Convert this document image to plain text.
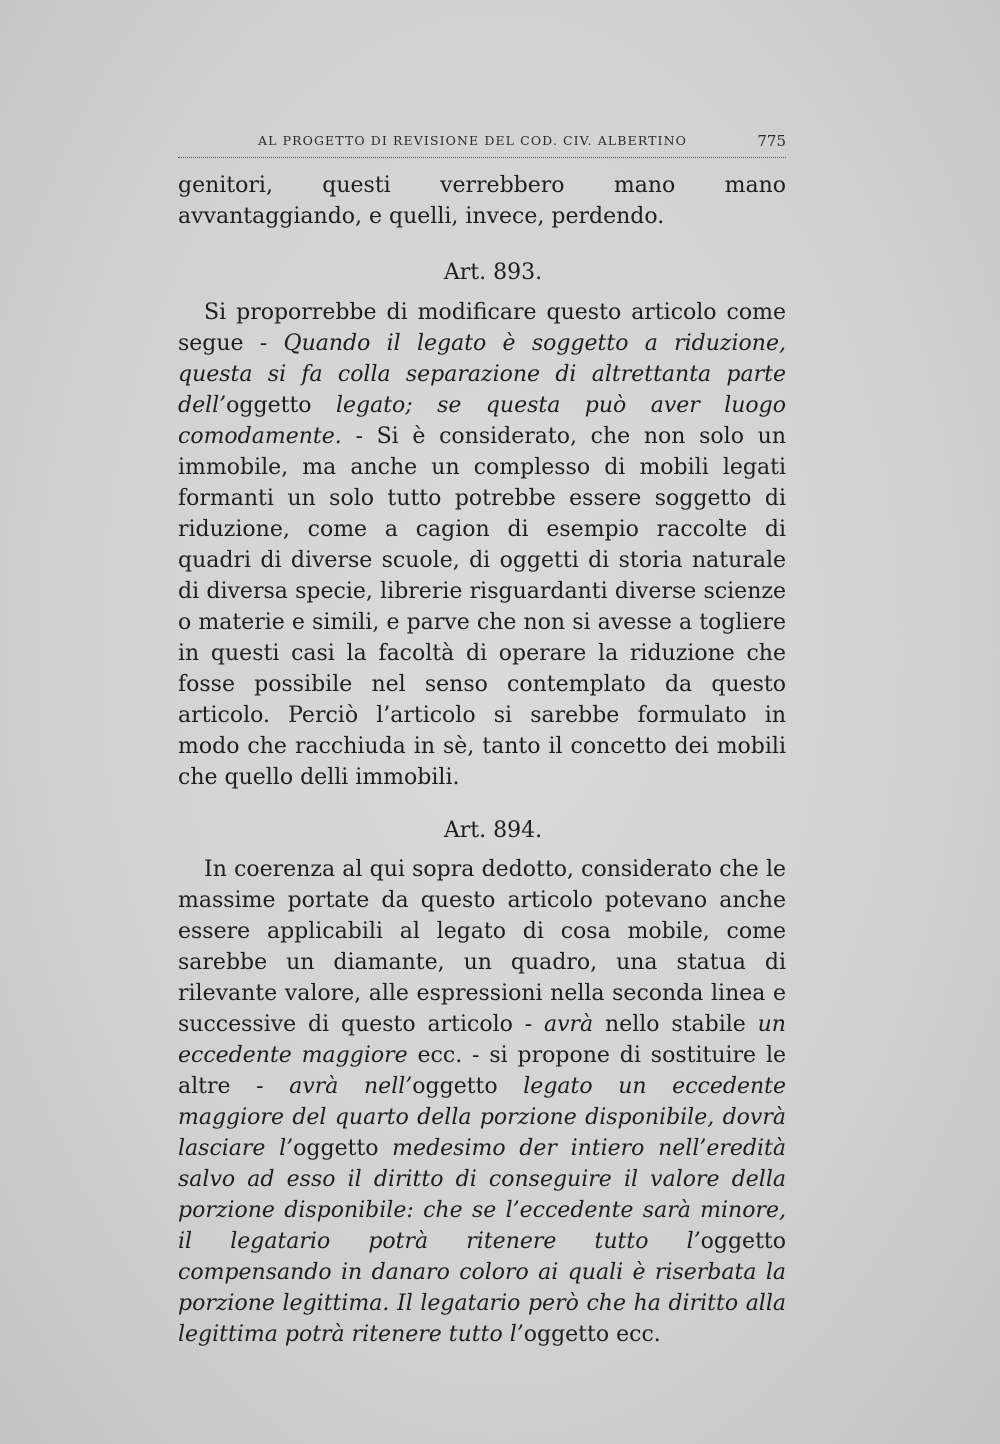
AL PROGETTO DI REVISIONE DEL COD. CIV. ALBERTINO	775

genitori, questi verrebbero mano mano avvantaggiando, e quelli, invece, perdendo.

Art. 893.

Si proporrebbe di modificare questo articolo come segue - Quando il legato è soggetto a riduzione, questa si fa colla separazione di altrettanta parte dell’oggetto legato; se questa può aver luogo comodamente. - Si è considerato, che non solo un immobile, ma anche un complesso di mobili legati formanti un solo tutto potrebbe essere soggetto di riduzione, come a cagion di esempio raccolte di quadri di diverse scuole, di oggetti di storia naturale di diversa specie, librerie risguardanti diverse scienze o materie e simili, e parve che non si avesse a togliere in questi casi la facoltà di operare la riduzione che fosse possibile nel senso contemplato da questo articolo. Perciò l’articolo si sarebbe formulato in modo che racchiuda in sè, tanto il concetto dei mobili che quello delli immobili.

Art. 894.

In coerenza al qui sopra dedotto, considerato che le massime portate da questo articolo potevano anche essere applicabili al legato di cosa mobile, come sarebbe un diamante, un quadro, una statua di rilevante valore, alle espressioni nella seconda linea e successive di questo articolo - avrà nello stabile un eccedente maggiore ecc. - si propone di sostituire le altre - avrà nell’oggetto legato un eccedente maggiore del quarto della porzione disponibile, dovrà lasciare l’oggetto medesimo der intiero nell’eredità salvo ad esso il diritto di conseguire il valore della porzione disponibile: che se l’eccedente sarà minore, il legatario potrà ritenere tutto l’oggetto compensando in danaro coloro ai quali è riserbata la porzione legittima. Il legatario però che ha diritto alla legittima potrà ritenere tutto l’oggetto ecc.
